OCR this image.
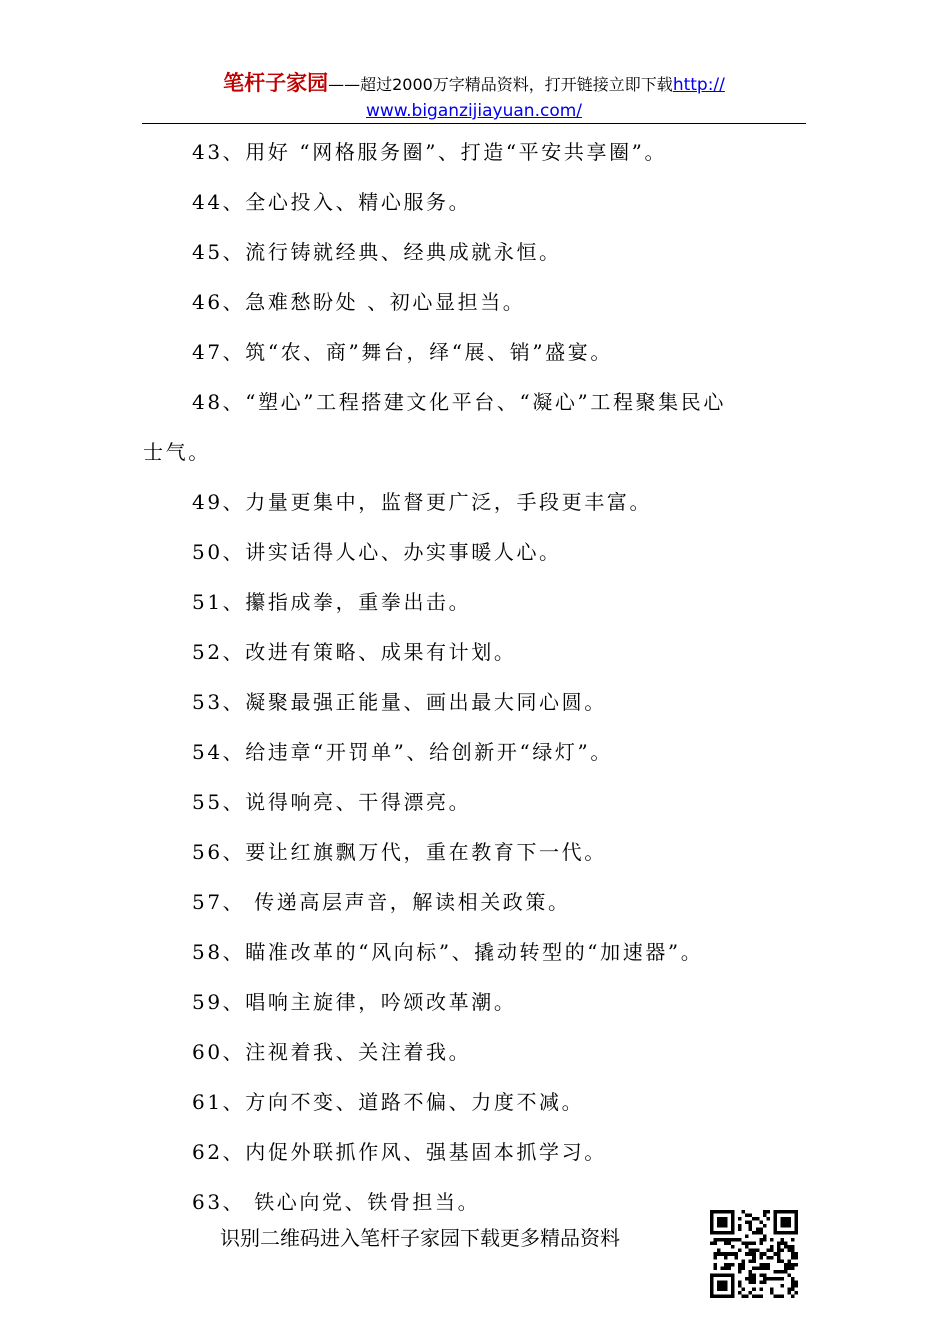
笔杆子家园——超过2000万字精品资料，打开链接立即下载http://
www.biganzijiayuan.com/
43、用好 “网格服务圈”、打造“平安共享圈”。
44、全心投入、精心服务。
45、流行铸就经典、经典成就永恒。
46、急难愁盼处 、初心显担当。
47、筑“农、商”舞台，绎“展、销”盛宴。
48、“塑心”工程搭建文化平台、“凝心”工程聚集民心
士气。
49、力量更集中，监督更广泛，手段更丰富。
50、讲实话得人心、办实事暖人心。
51、攥指成拳，重拳出击。
52、改进有策略、成果有计划。
53、凝聚最强正能量、画出最大同心圆。
54、给违章“开罚单”、给创新开“绿灯”。
55、说得响亮、干得漂亮。
56、要让红旗飘万代，重在教育下一代。
57、 传递高层声音，解读相关政策。
58、瞄准改革的“风向标”、撬动转型的“加速器”。
59、唱响主旋律，吟颂改革潮。
60、注视着我、关注着我。
61、方向不变、道路不偏、力度不减。
62、内促外联抓作风、强基固本抓学习。
63、 铁心向党、铁骨担当。
识别二维码进入笔杆子家园下载更多精品资料
